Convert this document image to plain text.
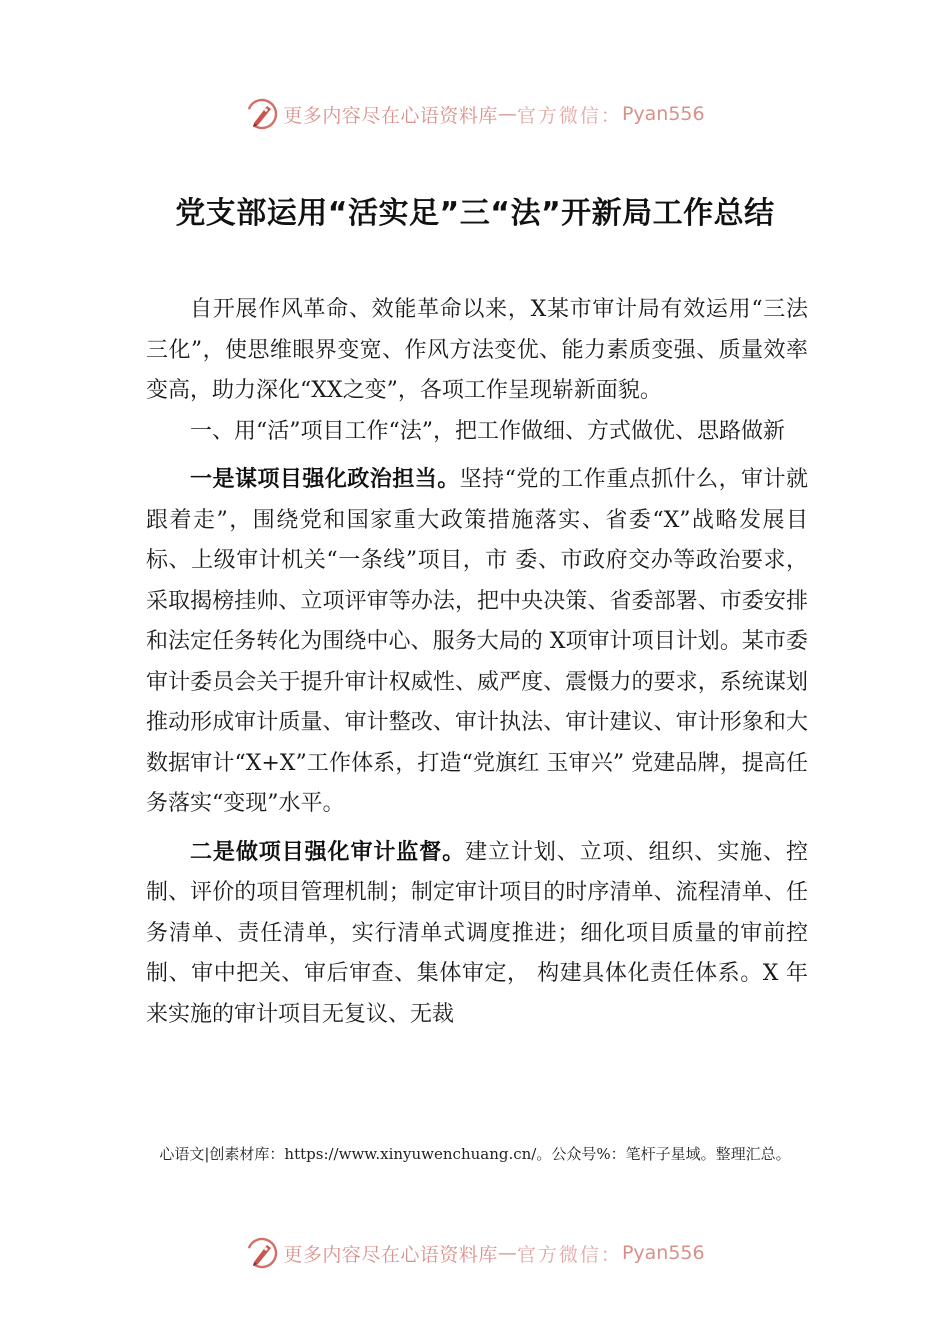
更多内容尽在心语资料库 — 官方微信： Pyan556
党支部运用“活实足”三“法”开新局工作总结

自开展作风革命、效能革命以来，X某市审计局有效运用“三法三化”，使思维眼界变宽、作风方法变优、能力素质变强、质量效率变高，助力深化“XX之变”，各项工作呈现崭新面貌。

一、用“活”项目工作“法”，把工作做细、方式做优、思路做新

一是谋项目强化政治担当。坚持“党的工作重点抓什么，审计就跟着走”，围绕党和国家重大政策措施落实、省委“X”战略发展目标、上级审计机关“一条线”项目，市 委、市政府交办等政治要求，采取揭榜挂帅、立项评审等办法，把中央决策、省委部署、市委安排和法定任务转化为围绕中心、服务大局的 X项审计项目计划。某市委审计委员会关于提升审计权威性、威严度、震慑力的要求，系统谋划 推动形成审计质量、审计整改、审计执法、审计建议、审计形象和大数据审计“X+X”工作体系，打造“党旗红 玉审兴” 党建品牌，提高任务落实“变现”水平。

二是做项目强化审计监督。建立计划、立项、组织、实施、控制、评价的项目管理机制；制定审计项目的时序清单、流程清单、任务清单、责任清单，实行清单式调度推进；细化项目质量的审前控制、审中把关、审后审查、集体审定， 构建具体化责任体系。X 年来实施的审计项目无复议、无裁

心语文|创素材库：https://www.xinyuwenchuang.cn/。公众号%：笔杆子星域。整理汇总。
更多内容尽在心语资料库 — 官方微信： Pyan556
